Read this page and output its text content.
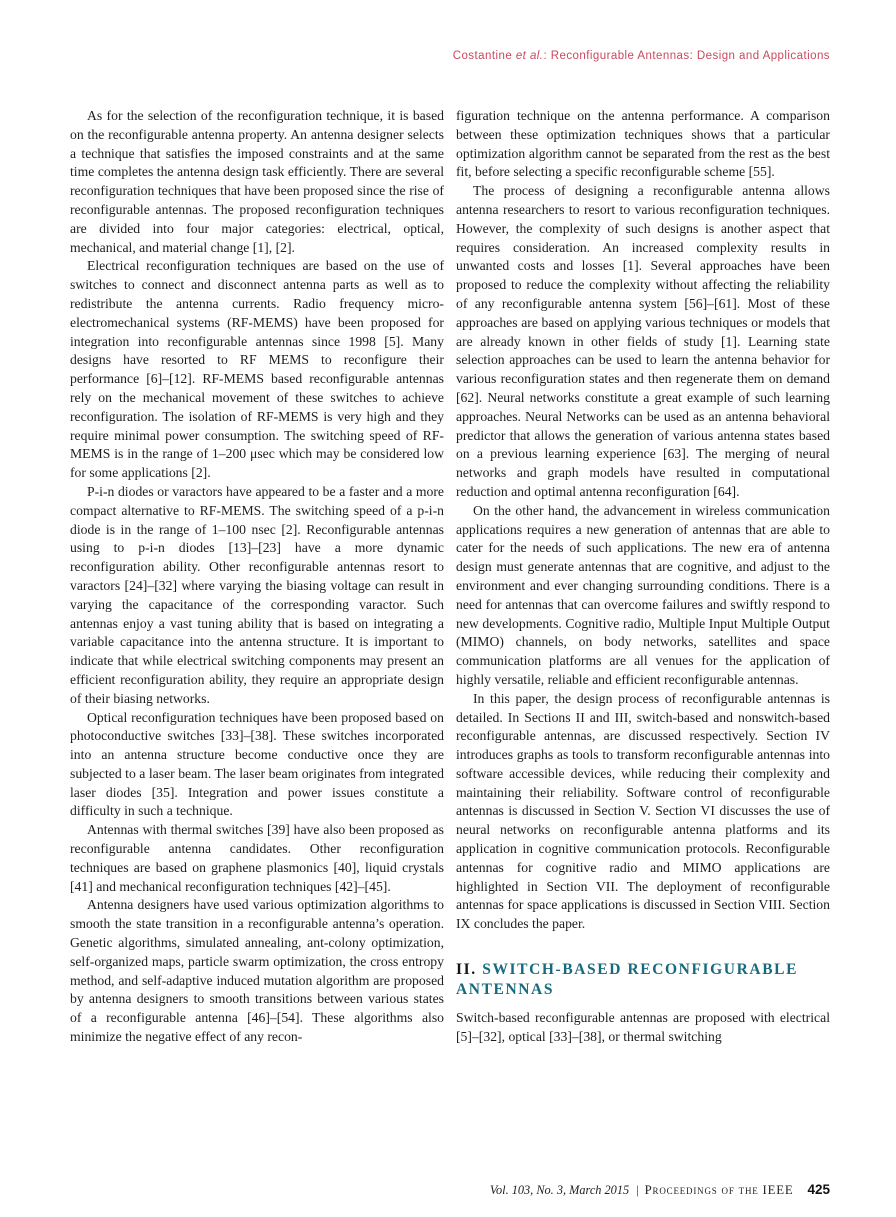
Costantine et al.: Reconfigurable Antennas: Design and Applications

As for the selection of the reconfiguration technique, it is based on the reconfigurable antenna property. An antenna designer selects a technique that satisfies the imposed constraints and at the same time completes the antenna design task efficiently. There are several reconfiguration techniques that have been proposed since the rise of reconfigurable antennas. The proposed reconfiguration techniques are divided into four major categories: electrical, optical, mechanical, and material change [1], [2].

Electrical reconfiguration techniques are based on the use of switches to connect and disconnect antenna parts as well as to redistribute the antenna currents. Radio frequency micro-electromechanical systems (RF-MEMS) have been proposed for integration into reconfigurable antennas since 1998 [5]. Many designs have resorted to RF MEMS to reconfigure their performance [6]–[12]. RF-MEMS based reconfigurable antennas rely on the mechanical movement of these switches to achieve reconfiguration. The isolation of RF-MEMS is very high and they require minimal power consumption. The switching speed of RF-MEMS is in the range of 1–200 μsec which may be considered low for some applications [2].

P-i-n diodes or varactors have appeared to be a faster and a more compact alternative to RF-MEMS. The switching speed of a p-i-n diode is in the range of 1–100 nsec [2]. Reconfigurable antennas using to p-i-n diodes [13]–[23] have a more dynamic reconfiguration ability. Other reconfigurable antennas resort to varactors [24]–[32] where varying the biasing voltage can result in varying the capacitance of the corresponding varactor. Such antennas enjoy a vast tuning ability that is based on integrating a variable capacitance into the antenna structure. It is important to indicate that while electrical switching components may present an efficient reconfiguration ability, they require an appropriate design of their biasing networks.

Optical reconfiguration techniques have been proposed based on photoconductive switches [33]–[38]. These switches incorporated into an antenna structure become conductive once they are subjected to a laser beam. The laser beam originates from integrated laser diodes [35]. Integration and power issues constitute a difficulty in such a technique.

Antennas with thermal switches [39] have also been proposed as reconfigurable antenna candidates. Other reconfiguration techniques are based on graphene plasmonics [40], liquid crystals [41] and mechanical reconfiguration techniques [42]–[45].

Antenna designers have used various optimization algorithms to smooth the state transition in a reconfigurable antenna’s operation. Genetic algorithms, simulated annealing, ant-colony optimization, self-organized maps, particle swarm optimization, the cross entropy method, and self-adaptive induced mutation algorithm are proposed by antenna designers to smooth transitions between various states of a reconfigurable antenna [46]–[54]. These algorithms also minimize the negative effect of any recon-

figuration technique on the antenna performance. A comparison between these optimization techniques shows that a particular optimization algorithm cannot be separated from the rest as the best fit, before selecting a specific reconfigurable scheme [55].

The process of designing a reconfigurable antenna allows antenna researchers to resort to various reconfiguration techniques. However, the complexity of such designs is another aspect that requires consideration. An increased complexity results in unwanted costs and losses [1]. Several approaches have been proposed to reduce the complexity without affecting the reliability of any reconfigurable antenna system [56]–[61]. Most of these approaches are based on applying various techniques or models that are already known in other fields of study [1]. Learning state selection approaches can be used to learn the antenna behavior for various reconfiguration states and then regenerate them on demand [62]. Neural networks constitute a great example of such learning approaches. Neural Networks can be used as an antenna behavioral predictor that allows the generation of various antenna states based on a previous learning experience [63]. The merging of neural networks and graph models have resulted in computational reduction and optimal antenna reconfiguration [64].

On the other hand, the advancement in wireless communication applications requires a new generation of antennas that are able to cater for the needs of such applications. The new era of antenna design must generate antennas that are cognitive, and adjust to the environment and ever changing surrounding conditions. There is a need for antennas that can overcome failures and swiftly respond to new developments. Cognitive radio, Multiple Input Multiple Output (MIMO) channels, on body networks, satellites and space communication platforms are all venues for the application of highly versatile, reliable and efficient reconfigurable antennas.

In this paper, the design process of reconfigurable antennas is detailed. In Sections II and III, switch-based and nonswitch-based reconfigurable antennas, are discussed respectively. Section IV introduces graphs as tools to transform reconfigurable antennas into software accessible devices, while reducing their complexity and maintaining their reliability. Software control of reconfigurable antennas is discussed in Section V. Section VI discusses the use of neural networks on reconfigurable antenna platforms and its application in cognitive communication protocols. Reconfigurable antennas for cognitive radio and MIMO applications are highlighted in Section VII. The deployment of reconfigurable antennas for space applications is discussed in Section VIII. Section IX concludes the paper.

II. SWITCH-BASED RECONFIGURABLE ANTENNAS

Switch-based reconfigurable antennas are proposed with electrical [5]–[32], optical [33]–[38], or thermal switching

Vol. 103, No. 3, March 2015 | Proceedings of the IEEE 425
